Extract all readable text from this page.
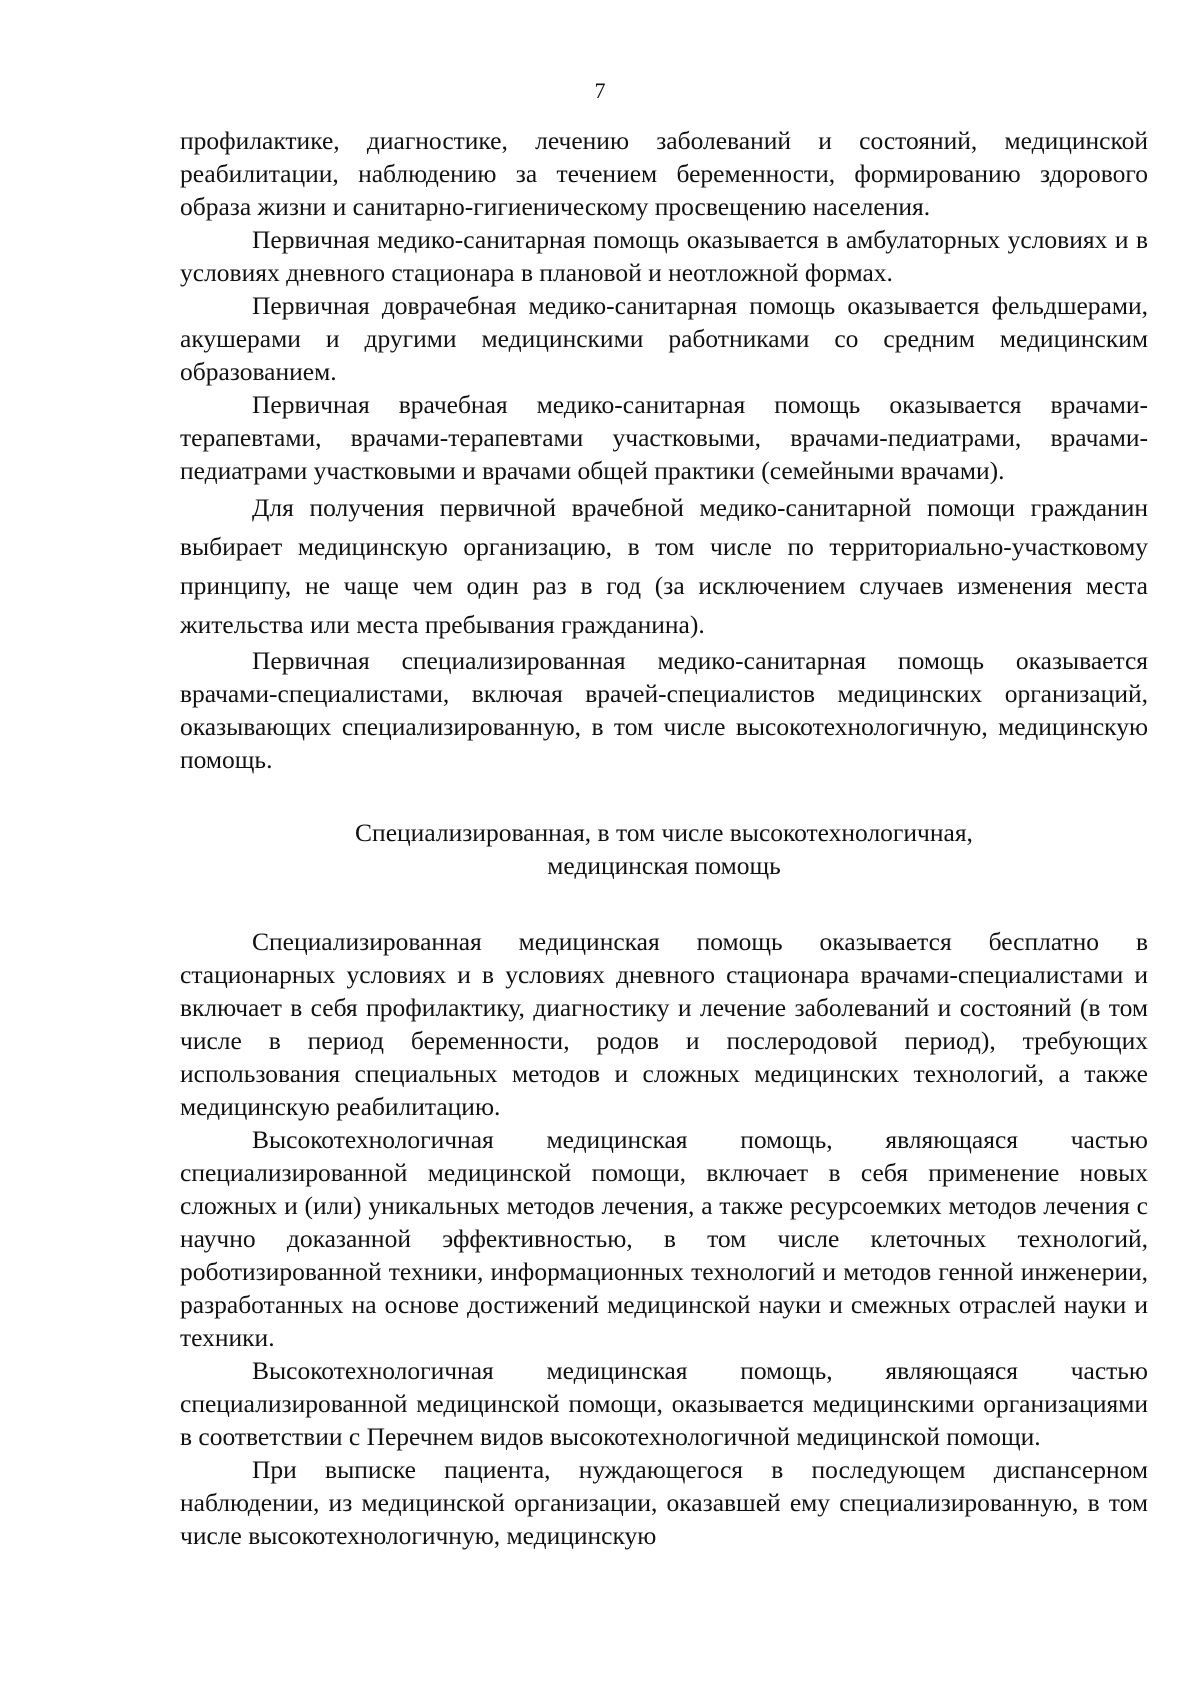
7

профилактике, диагностике, лечению заболеваний и состояний, медицинской реабилитации, наблюдению за течением беременности, формированию здорового образа жизни и санитарно-гигиеническому просвещению населения.

Первичная медико-санитарная помощь оказывается в амбулаторных условиях и в условиях дневного стационара в плановой и неотложной формах.

Первичная доврачебная медико-санитарная помощь оказывается фельдшерами, акушерами и другими медицинскими работниками со средним медицинским образованием.

Первичная врачебная медико-санитарная помощь оказывается врачами-терапевтами, врачами-терапевтами участковыми, врачами-педиатрами, врачами-педиатрами участковыми и врачами общей практики (семейными врачами).

Для получения первичной врачебной медико-санитарной помощи гражданин выбирает медицинскую организацию, в том числе по территориально-участковому принципу, не чаще чем один раз в год (за исключением случаев изменения места жительства или места пребывания гражданина).

Первичная специализированная медико-санитарная помощь оказывается врачами-специалистами, включая врачей-специалистов медицинских организаций, оказывающих специализированную, в том числе высокотехнологичную, медицинскую помощь.

Специализированная, в том числе высокотехнологичная,
медицинская помощь

Специализированная медицинская помощь оказывается бесплатно в стационарных условиях и в условиях дневного стационара врачами-специалистами и включает в себя профилактику, диагностику и лечение заболеваний и состояний (в том числе в период беременности, родов и послеродовой период), требующих использования специальных методов и сложных медицинских технологий, а также медицинскую реабилитацию.

Высокотехнологичная медицинская помощь, являющаяся частью специализированной медицинской помощи, включает в себя применение новых сложных и (или) уникальных методов лечения, а также ресурсоемких методов лечения с научно доказанной эффективностью, в том числе клеточных технологий, роботизированной техники, информационных технологий и методов генной инженерии, разработанных на основе достижений медицинской науки и смежных отраслей науки и техники.

Высокотехнологичная медицинская помощь, являющаяся частью специализированной медицинской помощи, оказывается медицинскими организациями в соответствии с Перечнем видов высокотехнологичной медицинской помощи.

При выписке пациента, нуждающегося в последующем диспансерном наблюдении, из медицинской организации, оказавшей ему специализированную, в том числе высокотехнологичную, медицинскую
